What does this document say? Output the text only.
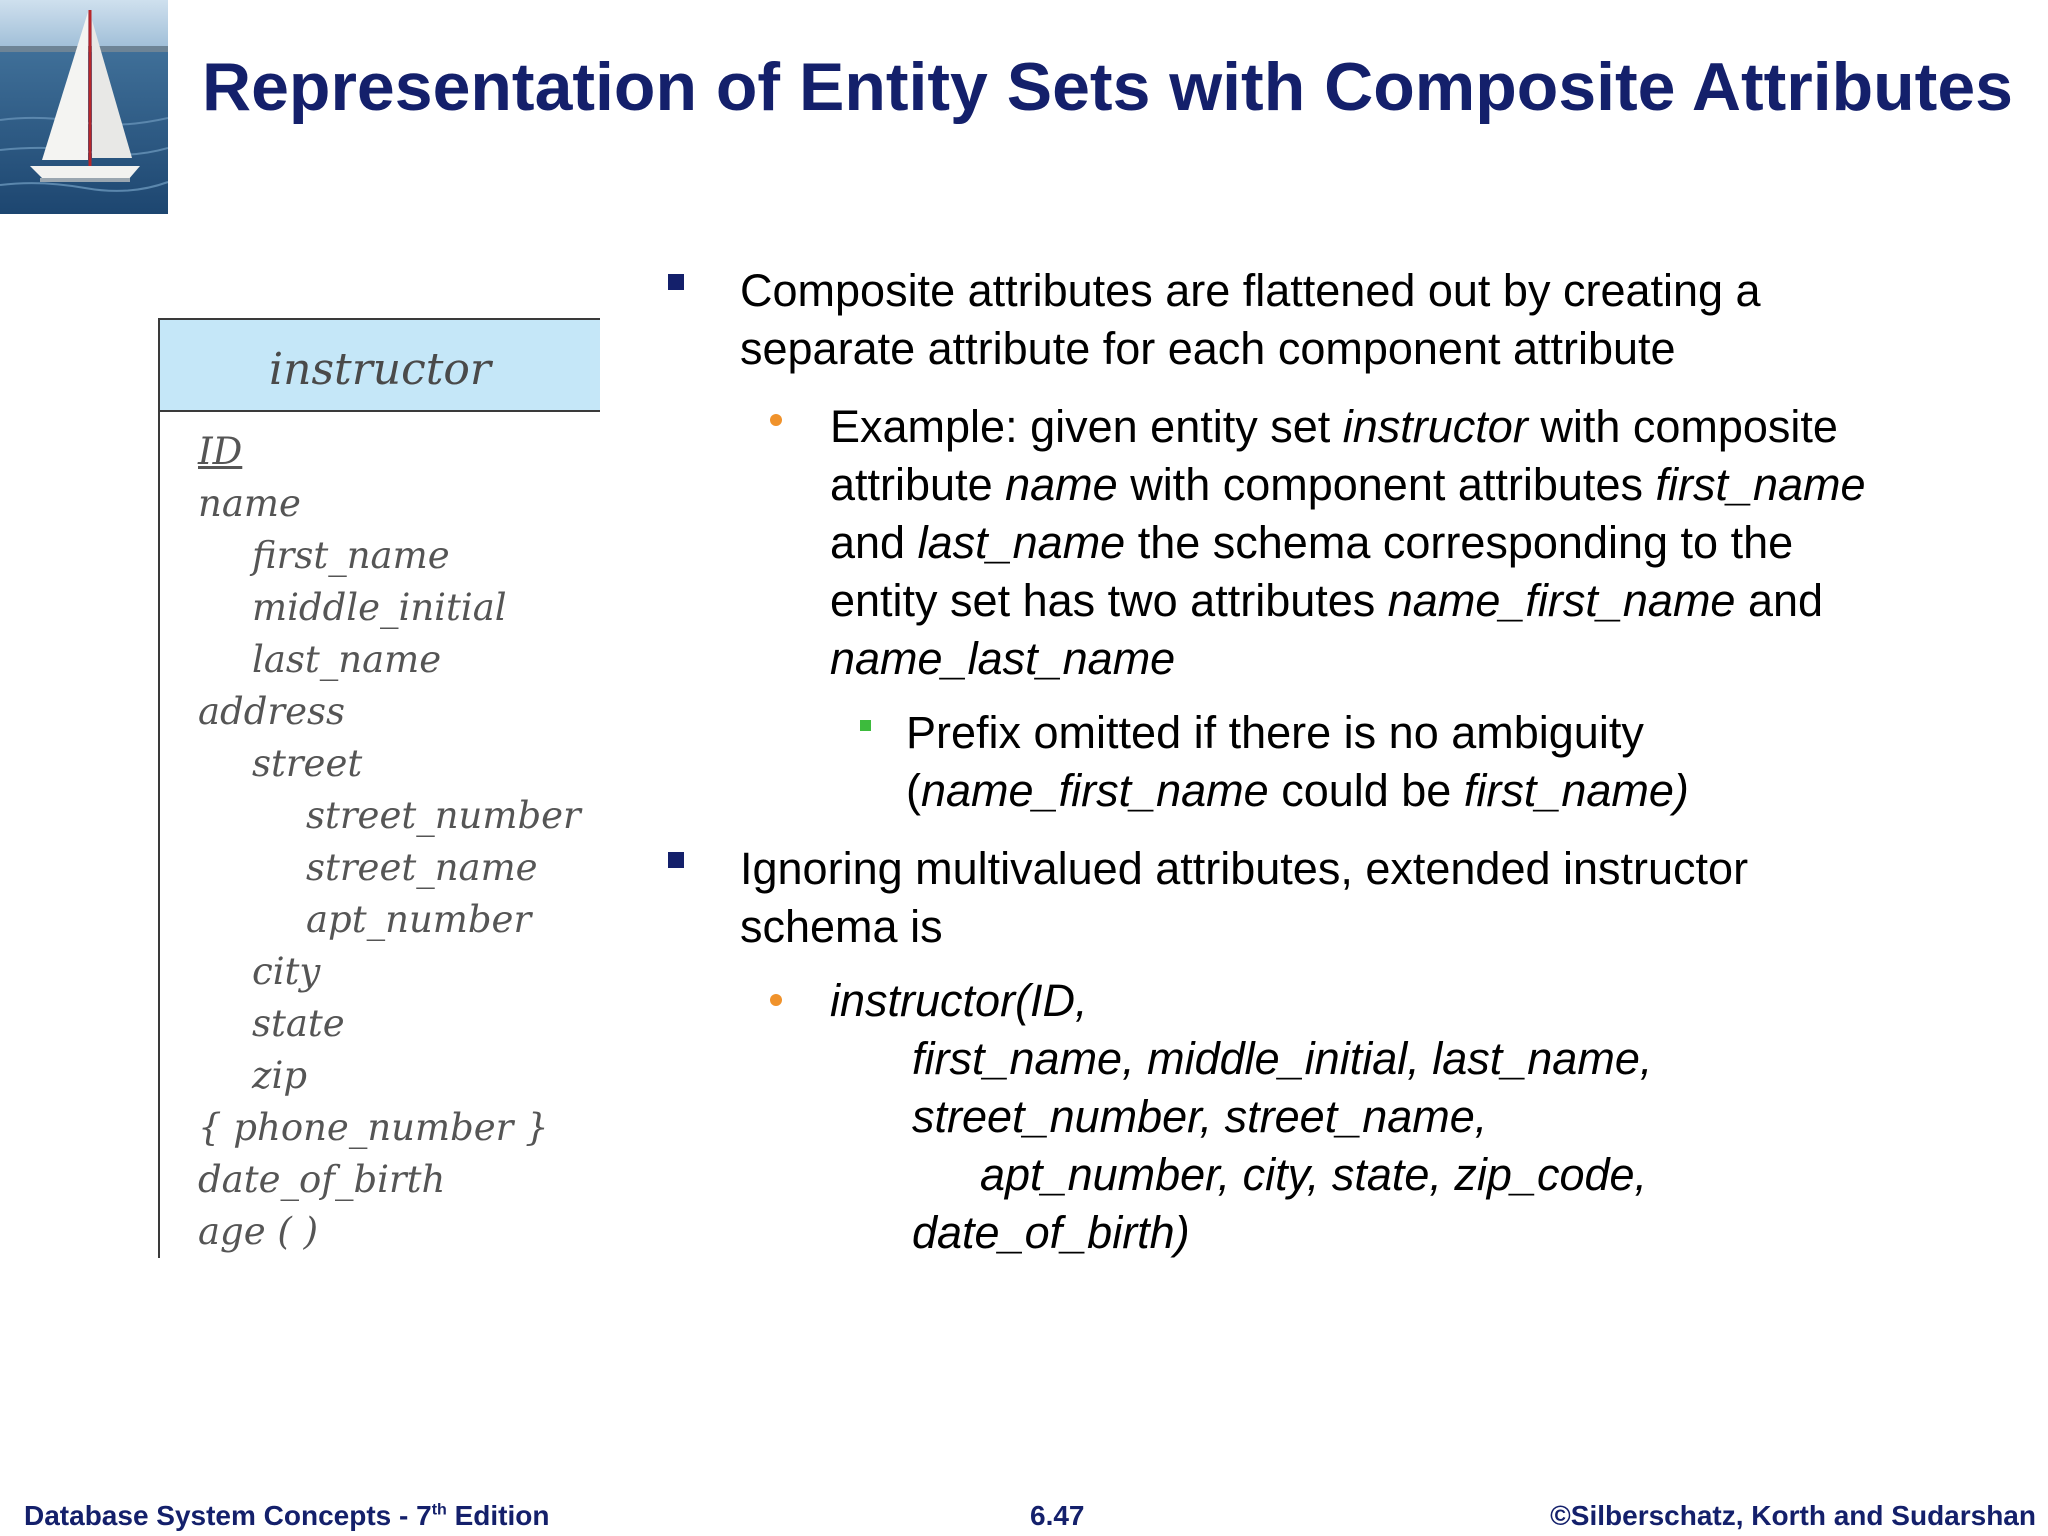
Representation of Entity Sets with Composite Attributes
instructor
ID
name
first_name
middle_initial
last_name
address
street
street_number
street_name
apt_number
city
state
zip
{ phone_number }
date_of_birth
age ( )
Composite attributes are flattened out by creating a
separate attribute for each component attribute
Example: given entity set instructor with composite
attribute name with component attributes first_name
and last_name the schema corresponding to the
entity set has two attributes name_first_name and
name_last_name
Prefix omitted if there is no ambiguity
(name_first_name could be first_name)
Ignoring multivalued attributes, extended instructor
schema is
instructor(ID,
first_name, middle_initial, last_name,
street_number, street_name,
apt_number, city, state, zip_code,
date_of_birth)
Database System Concepts - 7th Edition	6.47	©Silberschatz, Korth and Sudarshan
